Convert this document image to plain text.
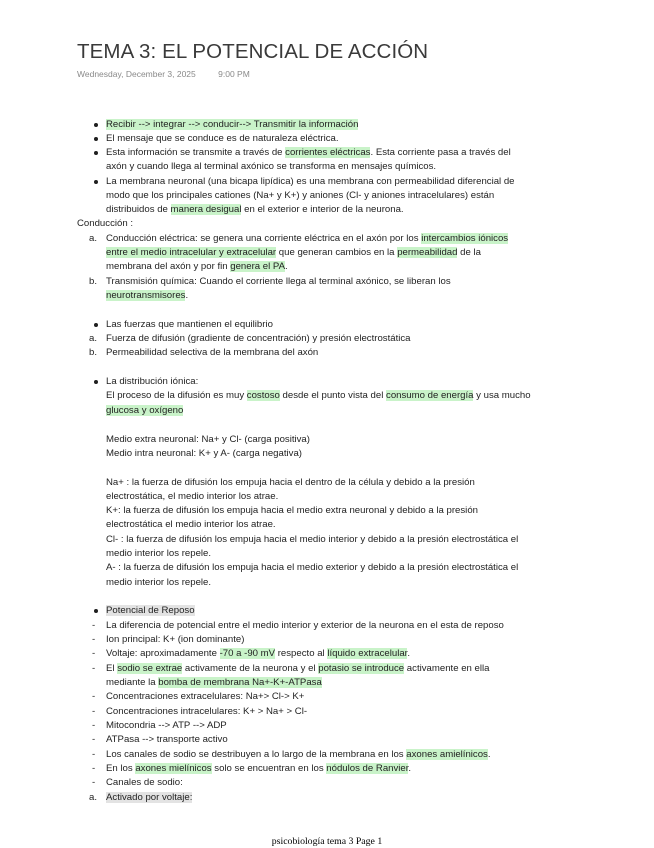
TEMA 3: EL POTENCIAL DE ACCIÓN
Wednesday, December 3, 2025	9:00 PM
Recibir --> integrar --> conducir--> Transmitir la información
El mensaje que se conduce es de naturaleza eléctrica.
Esta información se transmite a través de corrientes eléctricas. Esta corriente pasa a través del
axón y cuando llega al terminal axónico se transforma en mensajes químicos.
La membrana neuronal (una bicapa lipídica) es una membrana con permeabilidad diferencial de
modo que los principales cationes (Na+ y K+) y aniones (Cl- y aniones intracelulares) están
distribuidos de manera desigual en el exterior e interior de la neurona.
Conducción :
a. Conducción eléctrica: se genera una corriente eléctrica en el axón por los intercambios iónicos
entre el medio intracelular y extracelular que generan cambios en la permeabilidad de la
membrana del axón y por fin genera el PA.
b. Transmisión química: Cuando el corriente llega al terminal axónico, se liberan los
neurotransmisores.
Las fuerzas que mantienen el equilibrio
a. Fuerza de difusión (gradiente de concentración) y presión electrostática
b. Permeabilidad selectiva de la membrana del axón
La distribución iónica:
El proceso de la difusión es muy costoso desde el punto vista del consumo de energía y usa mucho
glucosa y oxígeno
Medio extra neuronal: Na+ y Cl- (carga positiva)
Medio intra neuronal: K+ y A- (carga negativa)
Na+ : la fuerza de difusión los empuja hacia el dentro de la célula y debido a la presión
electrostática, el medio interior los atrae.
K+: la fuerza de difusión los empuja hacia el medio extra neuronal y debido a la presión
electrostática el medio interior los atrae.
Cl- : la fuerza de difusión los empuja hacia el medio interior y debido a la presión electrostática el
medio interior los repele.
A- : la fuerza de difusión los empuja hacia el medio exterior y debido a la presión electrostática el
medio interior los repele.
Potencial de Reposo
- La diferencia de potencial entre el medio interior y exterior de la neurona en el esta de reposo
- Ion principal: K+ (ion dominante)
- Voltaje: aproximadamente -70 a -90 mV respecto al líquido extracelular.
- El sodio se extrae activamente de la neurona y el potasio se introduce activamente en ella
mediante la bomba de membrana Na+-K+-ATPasa
- Concentraciones extracelulares: Na+> Cl-> K+
- Concentraciones intracelulares: K+ > Na+ > Cl-
- Mitocondria --> ATP --> ADP
- ATPasa --> transporte activo
- Los canales de sodio se destribuyen a lo largo de la membrana en los axones amielínicos.
- En los axones mielínicos solo se encuentran en los nódulos de Ranvier.
- Canales de sodio:
a. Activado por voltaje:
psicobiología tema 3 Page 1
